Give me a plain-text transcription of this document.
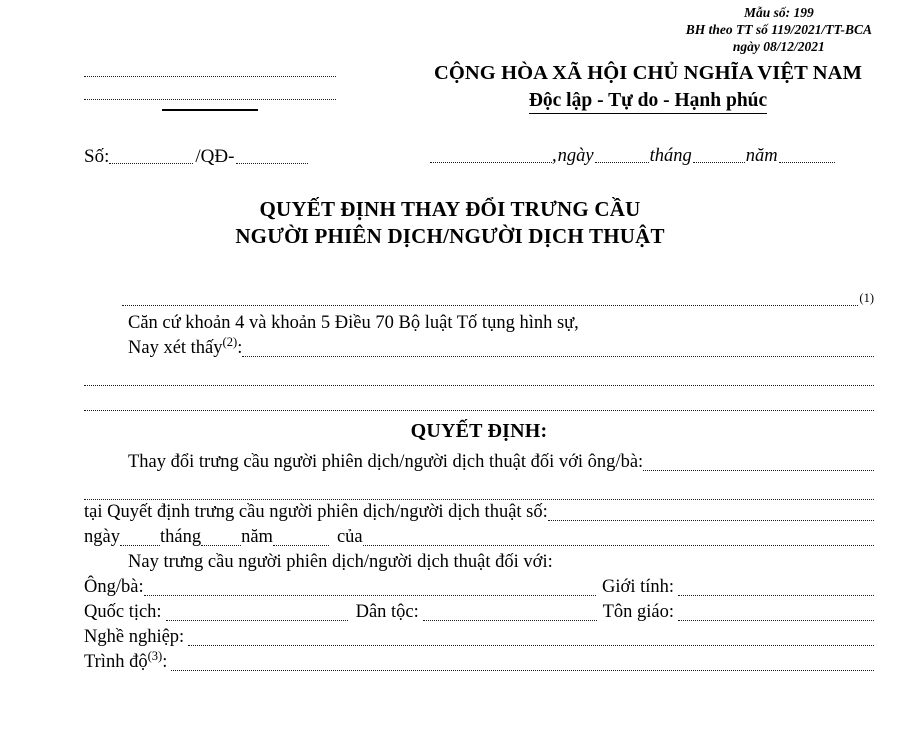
Mẫu số: 199
BH theo TT số 119/2021/TT-BCA
ngày 08/12/2021
Số:	/QĐ-
CỘNG HÒA XÃ HỘI CHỦ NGHĨA VIỆT NAM
Độc lập - Tự do - Hạnh phúc
, ngày	tháng	năm
QUYẾT ĐỊNH THAY ĐỔI TRƯNG CẦU
NGƯỜI PHIÊN DỊCH/NGƯỜI DỊCH THUẬT
(1)
Căn cứ khoản 4 và khoản 5 Điều 70 Bộ luật Tố tụng hình sự,
Nay xét thấy$^{(2)}$:
QUYẾT ĐỊNH:
Thay đổi trưng cầu người phiên dịch/người dịch thuật đối với ông/bà:
tại Quyết định trưng cầu người phiên dịch/người dịch thuật số:
ngày tháng năm	của
Nay trưng cầu người phiên dịch/người dịch thuật đối với:
Ông/bà:	Giới tính:
Quốc tịch:	Dân tộc:	Tôn giáo:
Nghề nghiệp:
Trình độ$^{(3)}$:
